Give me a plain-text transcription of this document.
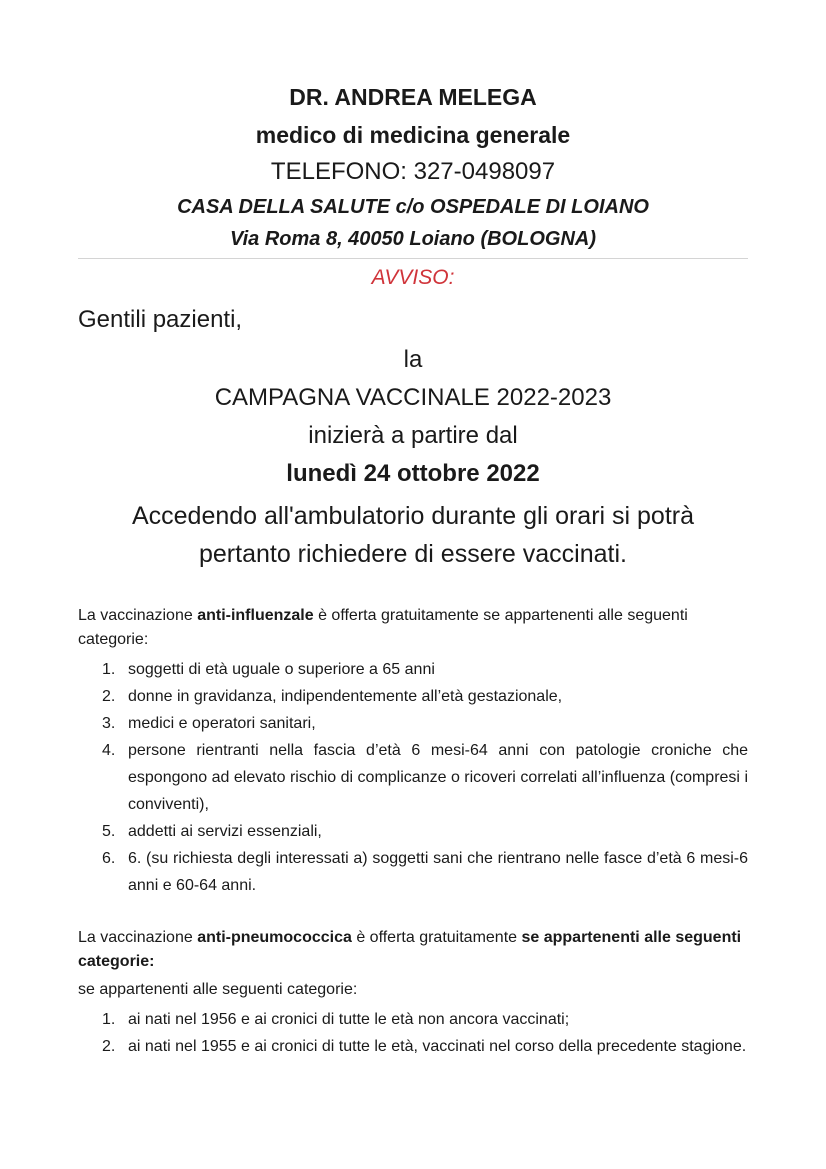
DR. ANDREA MELEGA
medico di medicina generale
TELEFONO: 327-0498097
CASA DELLA SALUTE c/o OSPEDALE DI LOIANO
Via Roma 8, 40050 Loiano (BOLOGNA)
AVVISO:
Gentili pazienti,
la
CAMPAGNA VACCINALE 2022-2023
inizierà a partire dal
lunedì 24 ottobre 2022
Accedendo all'ambulatorio durante gli orari si potrà
pertanto richiedere di essere vaccinati.
La vaccinazione anti-influenzale è offerta gratuitamente se appartenenti alle seguenti categorie:
1. soggetti di età uguale o superiore a 65 anni
2. donne in gravidanza, indipendentemente all’età gestazionale,
3. medici e operatori sanitari,
4. persone rientranti nella fascia d’età 6 mesi-64 anni con patologie croniche che espongono ad elevato rischio di complicanze o ricoveri correlati all’influenza (compresi i conviventi),
5. addetti ai servizi essenziali,
6. 6. (su richiesta degli interessati a) soggetti sani che rientrano nelle fasce d’età 6 mesi-6 anni e 60-64 anni.
La vaccinazione anti-pneumococcica è offerta gratuitamente se appartenenti alle seguenti categorie:
se appartenenti alle seguenti categorie:
1. ai nati nel 1956 e ai cronici di tutte le età non ancora vaccinati;
2. ai nati nel 1955 e ai cronici di tutte le età, vaccinati nel corso della precedente stagione.
